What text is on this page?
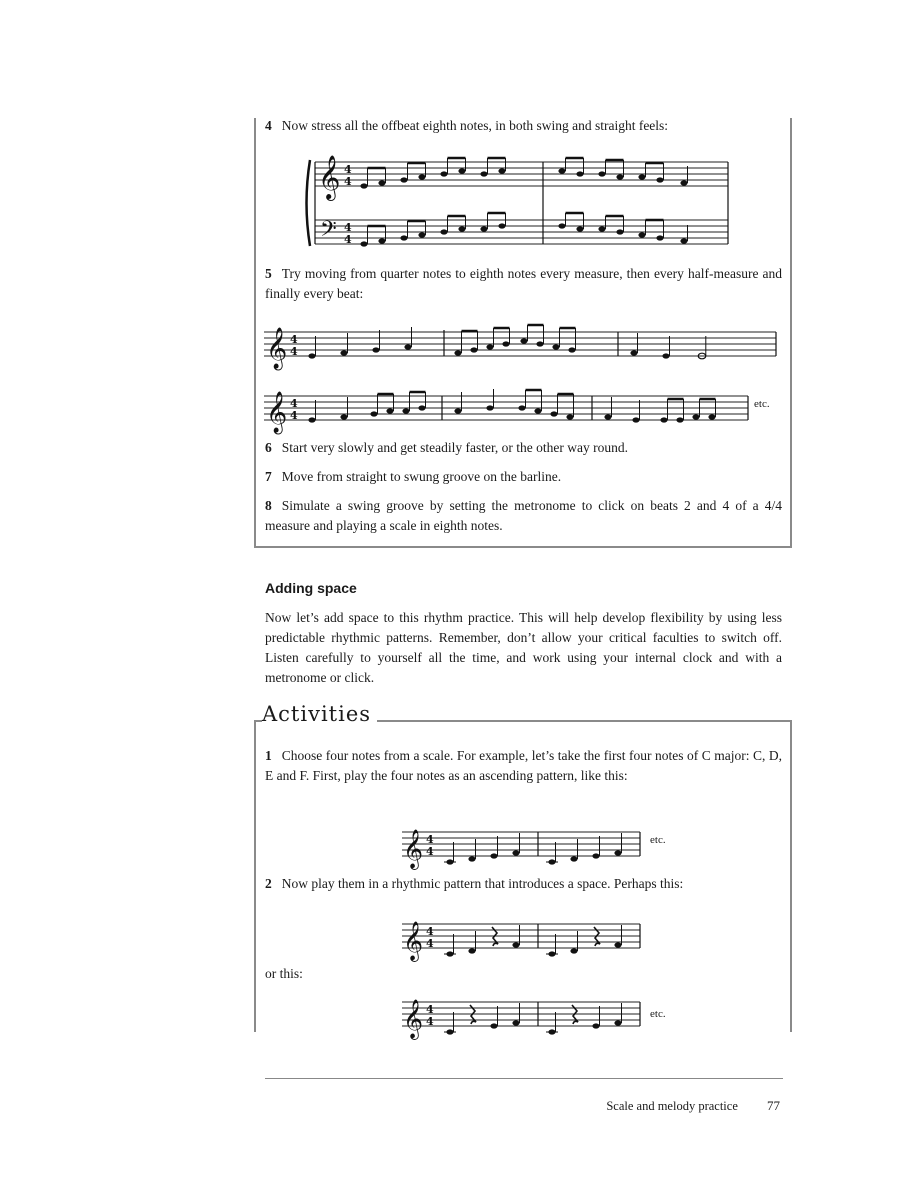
4 Now stress all the offbeat eighth notes, in both swing and straight feels:

𝄞
𝄢
4
4
4
4

5 Try moving from quarter notes to eighth notes every measure, then every half-measure and finally every beat:

𝄞 4
4
𝄞 4
4
etc.

6 Start very slowly and get steadily faster, or the other way round.

7 Move from straight to swung groove on the barline.

8 Simulate a swing groove by setting the metronome to click on beats 2 and 4 of a 4/4 measure and playing a scale in eighth notes.

Adding space

Now let’s add space to this rhythm practice. This will help develop flexibility by using less predictable rhythmic patterns. Remember, don’t allow your critical faculties to switch off. Listen carefully to yourself all the time, and work using your internal clock and with a metronome or click.

Activities

1 Choose four notes from a scale. For example, let’s take the first four notes of C major: C, D, E and F. First, play the four notes as an ascending pattern, like this:

𝄞 4
4
etc.

2 Now play them in a rhythmic pattern that introduces a space. Perhaps this:

𝄞 4
4

or this:

𝄞 4
4
etc.
Scale and melody practice 77
